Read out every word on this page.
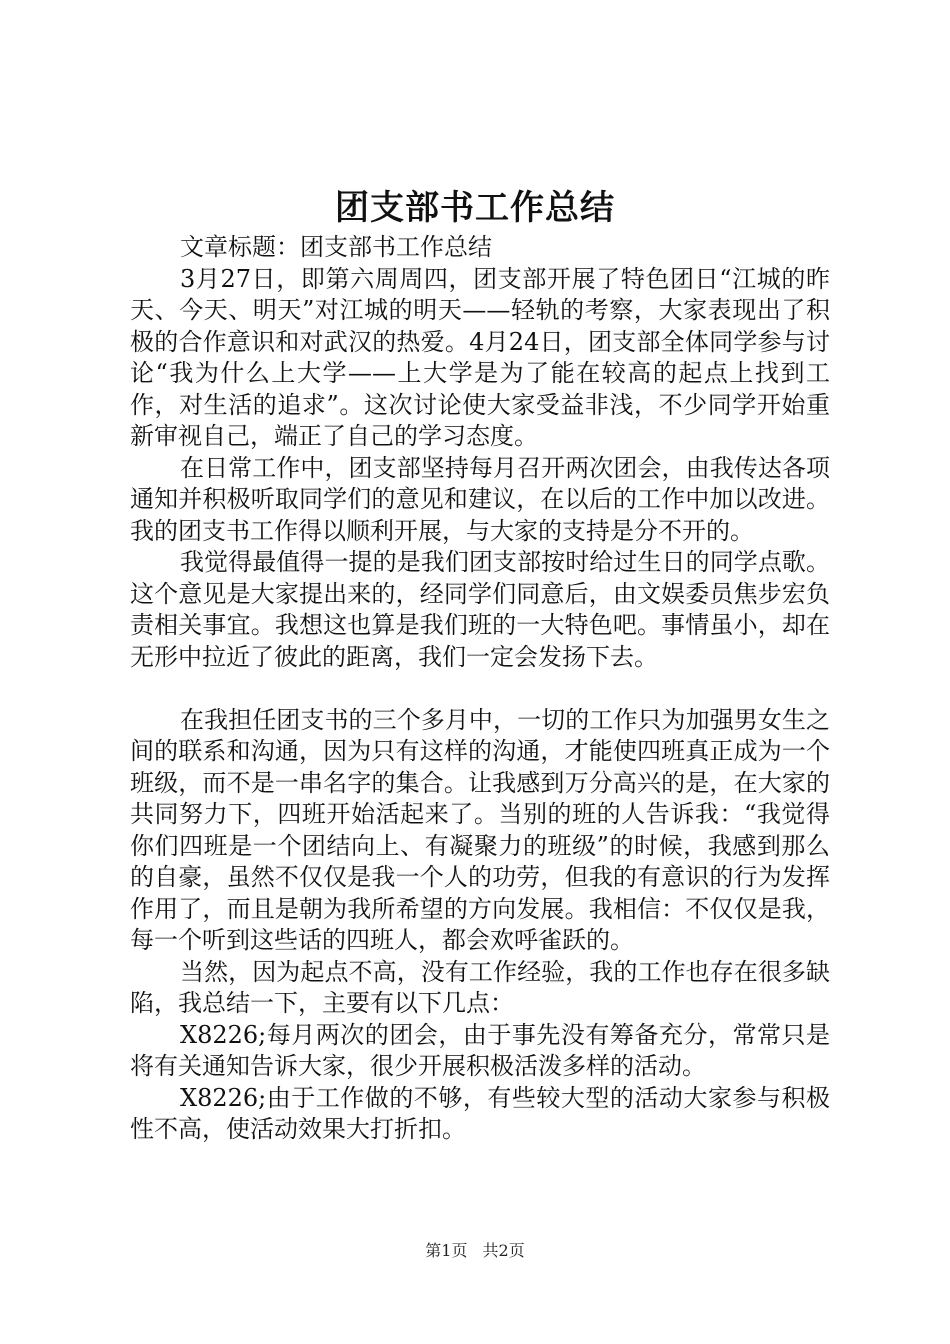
团支部书工作总结

文章标题：团支部书工作总结

3月27日，即第六周周四，团支部开展了特色团日“江城的昨天、今天、明天”对江城的明天——轻轨的考察，大家表现出了积极的合作意识和对武汉的热爱。4月24日，团支部全体同学参与讨论“我为什么上大学——上大学是为了能在较高的起点上找到工作，对生活的追求”。这次讨论使大家受益非浅，不少同学开始重新审视自己，端正了自己的学习态度。

在日常工作中，团支部坚持每月召开两次团会，由我传达各项通知并积极听取同学们的意见和建议，在以后的工作中加以改进。我的团支书工作得以顺利开展，与大家的支持是分不开的。

我觉得最值得一提的是我们团支部按时给过生日的同学点歌。这个意见是大家提出来的，经同学们同意后，由文娱委员焦步宏负责相关事宜。我想这也算是我们班的一大特色吧。事情虽小，却在无形中拉近了彼此的距离，我们一定会发扬下去。

在我担任团支书的三个多月中，一切的工作只为加强男女生之间的联系和沟通，因为只有这样的沟通，才能使四班真正成为一个班级，而不是一串名字的集合。让我感到万分高兴的是，在大家的共同努力下，四班开始活起来了。当别的班的人告诉我：“我觉得你们四班是一个团结向上、有凝聚力的班级”的时候，我感到那么的自豪，虽然不仅仅是我一个人的功劳，但我的有意识的行为发挥作用了，而且是朝为我所希望的方向发展。我相信：不仅仅是我，每一个听到这些话的四班人，都会欢呼雀跃的。

当然，因为起点不高，没有工作经验，我的工作也存在很多缺陷，我总结一下，主要有以下几点：

X8226;每月两次的团会，由于事先没有筹备充分，常常只是将有关通知告诉大家，很少开展积极活泼多样的活动。

X8226;由于工作做的不够，有些较大型的活动大家参与积极性不高，使活动效果大打折扣。

第1页 共2页
